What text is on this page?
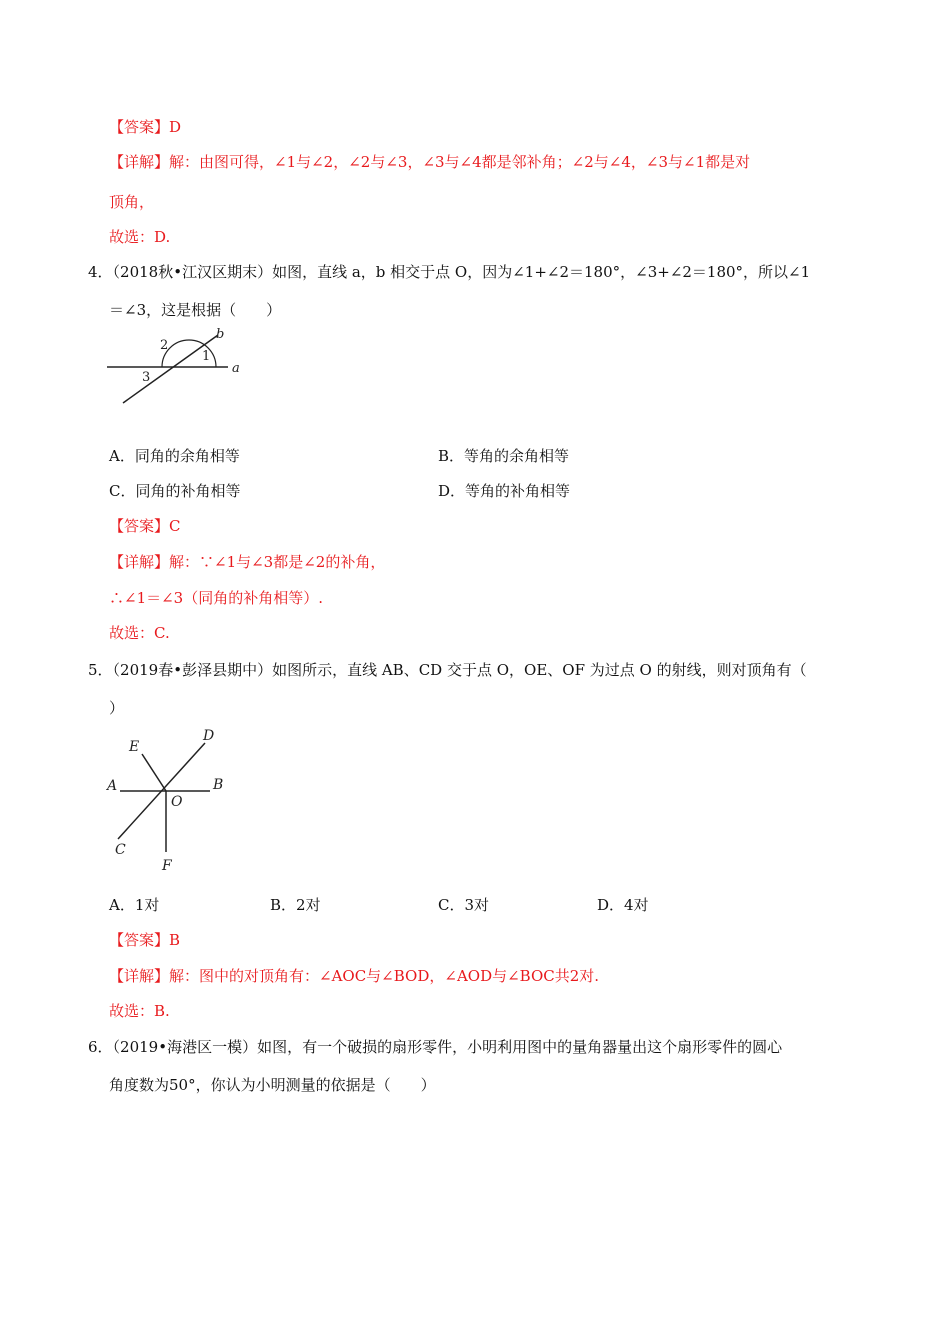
【答案】D
【详解】解：由图可得，∠1与∠2，∠2与∠3，∠3与∠4都是邻补角；∠2与∠4，∠3与∠1都是对
顶角，
故选：D.
4．（2018秋•江汉区期末）如图，直线 a，b 相交于点 O，因为∠1+∠2＝180°，∠3+∠2＝180°，所以∠1
＝∠3，这是根据（　　）
2
1
3
b
a
A．同角的余角相等	B．等角的余角相等
C．同角的补角相等	D．等角的补角相等
【答案】C
【详解】解：∵∠1与∠3都是∠2的补角，
∴∠1＝∠3（同角的补角相等）.
故选：C.
5．（2019春•彭泽县期中）如图所示，直线 AB、CD 交于点 O，OE、OF 为过点 O 的射线，则对顶角有（
）
E
D
A	B
O
C
F
A．1对	B．2对	C．3对	D．4对
【答案】B
【详解】解：图中的对顶角有：∠AOC与∠BOD，∠AOD与∠BOC共2对.
故选：B.
6．（2019•海港区一模）如图，有一个破损的扇形零件，小明利用图中的量角器量出这个扇形零件的圆心
角度数为50°，你认为小明测量的依据是（　　）
